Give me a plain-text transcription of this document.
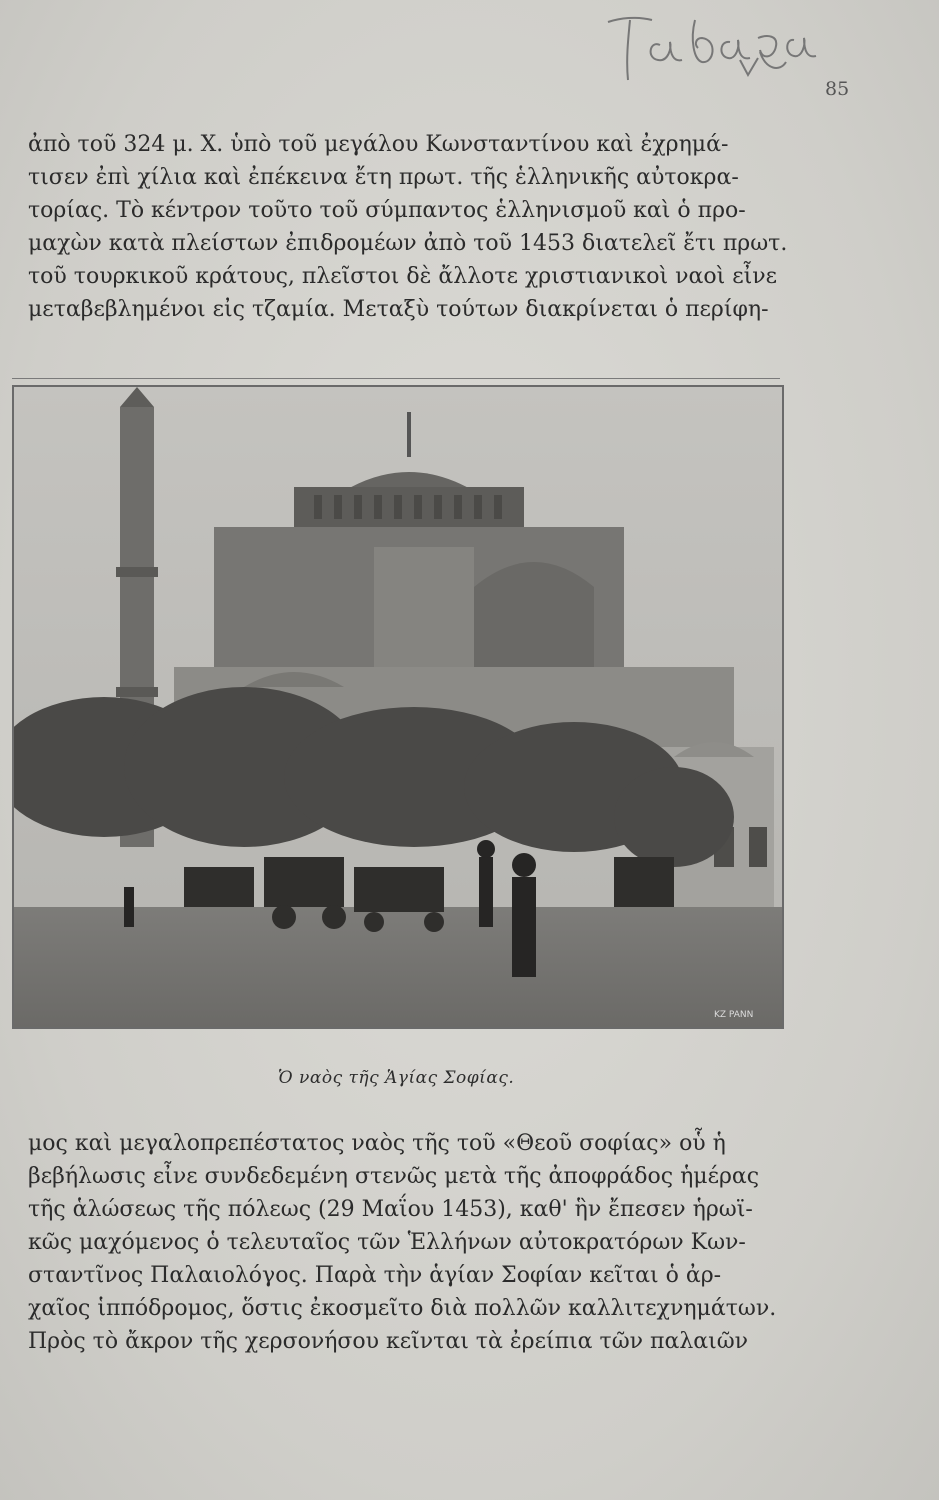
85

ἀπὸ τοῦ 324 μ. Χ. ὑπὸ τοῦ μεγάλου Κωνσταντίνου καὶ ἐχρημά-
τισεν ἐπὶ χίλια καὶ ἐπέκεινα ἔτη πρωτ. τῆς ἑλληνικῆς αὐτοκρα-
τορίας. Τὸ κέντρον τοῦτο τοῦ σύμπαντος ἑλληνισμοῦ καὶ ὁ προ-
μαχὼν κατὰ πλείστων ἐπιδρομέων ἀπὸ τοῦ 1453 διατελεῖ ἔτι πρωτ.
τοῦ τουρκικοῦ κράτους, πλεῖστοι δὲ ἄλλοτε χριστιανικοὶ ναοὶ εἶνε
μεταβεβλημένοι εἰς τζαμία. Μεταξὺ τούτων διακρίνεται ὁ περίφη-

KZ PANN
Ὁ ναὸς τῆς Ἁγίας Σοφίας.

μος καὶ μεγαλοπρεπέστατος ναὸς τῆς τοῦ «Θεοῦ σοφίας» οὗ ἡ
βεβήλωσις εἶνε συνδεδεμένη στενῶς μετὰ τῆς ἀποφράδος ἡμέρας
τῆς ἁλώσεως τῆς πόλεως (29 Μαΐου 1453), καθ' ἣν ἔπεσεν ἡρωϊ-
κῶς μαχόμενος ὁ τελευταῖος τῶν Ἑλλήνων αὐτοκρατόρων Κων-
σταντῖνος Παλαιολόγος. Παρὰ τὴν ἁγίαν Σοφίαν κεῖται ὁ ἀρ-
χαῖος ἱππόδρομος, ὅστις ἐκοσμεῖτο διὰ πολλῶν καλλιτεχνημάτων.
Πρὸς τὸ ἄκρον τῆς χερσονήσου κεῖνται τὰ ἐρείπια τῶν παλαιῶν
